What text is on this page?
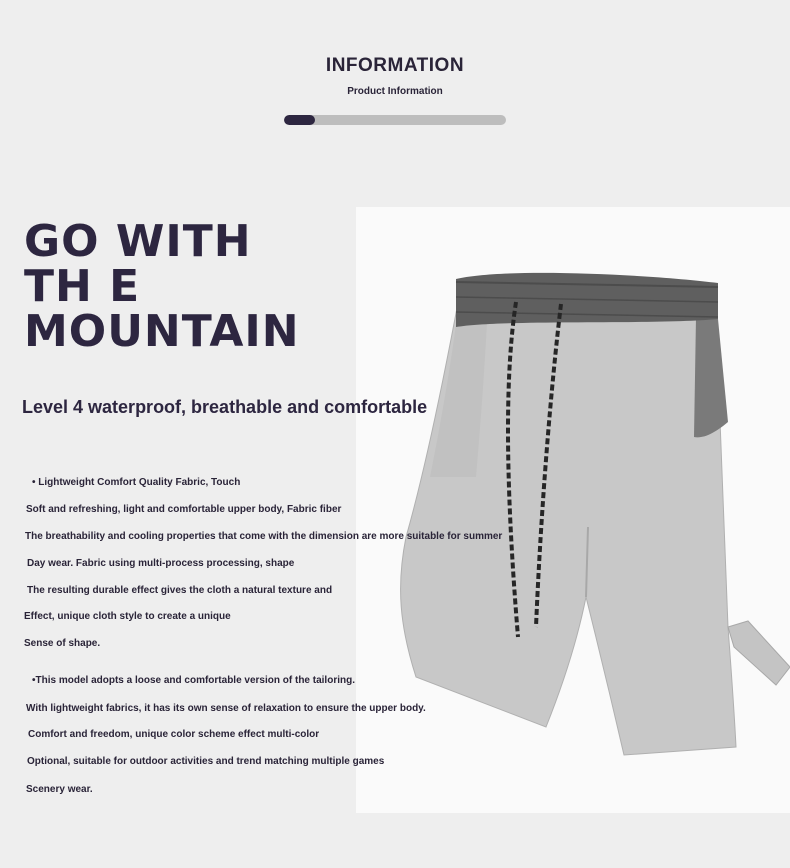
INFORMATION
Product Information
GO WITH
TH E
MOUNTAIN
Level 4 waterproof, breathable and comfortable
• Lightweight Comfort Quality Fabric, Touch
Soft and refreshing, light and comfortable upper body, Fabric fiber
The breathability and cooling properties that come with the dimension are more suitable for summer
Day wear. Fabric using multi-process processing, shape
The resulting durable effect gives the cloth a natural texture and
Effect, unique cloth style to create a unique
Sense of shape.
•This model adopts a loose and comfortable version of the tailoring.
With lightweight fabrics, it has its own sense of relaxation to ensure the upper body.
Comfort and freedom, unique color scheme effect multi-color
Optional, suitable for outdoor activities and trend matching multiple games
Scenery wear.
